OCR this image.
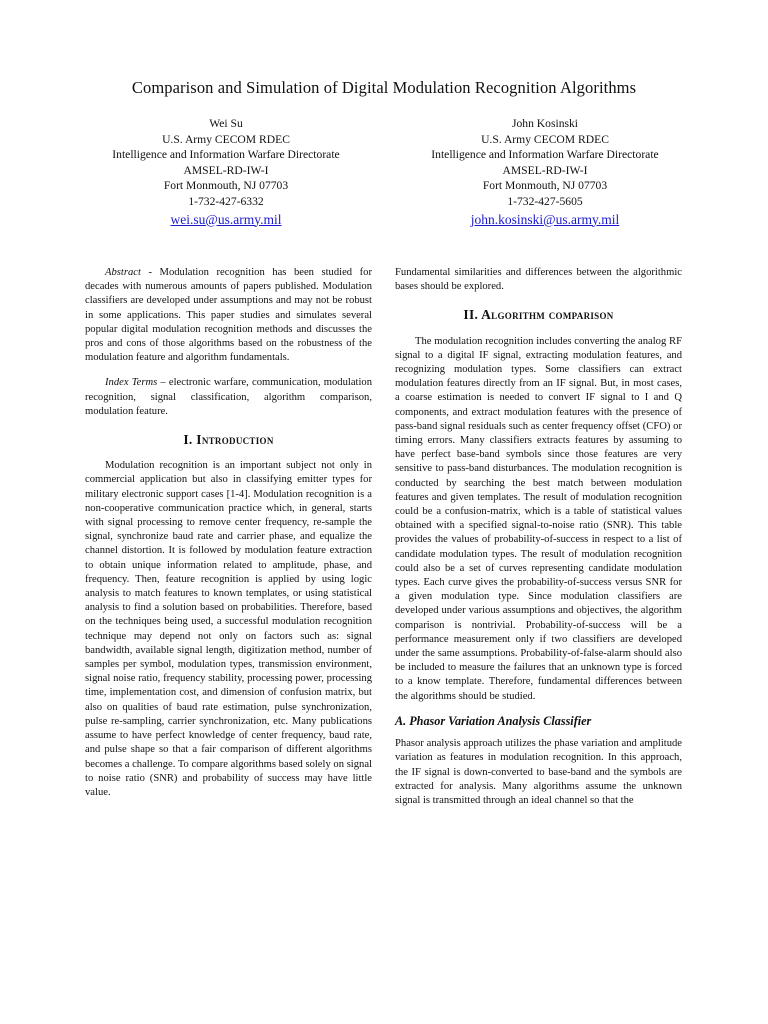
Comparison and Simulation of Digital Modulation Recognition Algorithms
Wei Su
U.S. Army CECOM RDEC
Intelligence and Information Warfare Directorate
AMSEL-RD-IW-I
Fort Monmouth, NJ 07703
1-732-427-6332
wei.su@us.army.mil
John Kosinski
U.S. Army CECOM RDEC
Intelligence and Information Warfare Directorate
AMSEL-RD-IW-I
Fort Monmouth, NJ 07703
1-732-427-5605
john.kosinski@us.army.mil

Abstract - Modulation recognition has been studied for decades with numerous amounts of papers published. Modulation classifiers are developed under assumptions and may not be robust in some applications. This paper studies and simulates several popular digital modulation recognition methods and discusses the pros and cons of those algorithms based on the robustness of the modulation feature and algorithm fundamentals.

Index Terms – electronic warfare, communication, modulation recognition, signal classification, algorithm comparison, modulation feature.

I. Introduction

Modulation recognition is an important subject not only in commercial application but also in classifying emitter types for military electronic support cases [1-4]. Modulation recognition is a non-cooperative communication practice which, in general, starts with signal processing to remove center frequency, re-sample the signal, synchronize baud rate and carrier phase, and equalize the channel distortion. It is followed by modulation feature extraction to obtain unique information related to amplitude, phase, and frequency. Then, feature recognition is applied by using logic analysis to match features to known templates, or using statistical analysis to find a solution based on probabilities. Therefore, based on the techniques being used, a successful modulation recognition technique may depend not only on factors such as: signal bandwidth, available signal length, digitization method, number of samples per symbol, modulation types, transmission environment, signal noise ratio, frequency stability, processing power, processing time, implementation cost, and dimension of confusion matrix, but also on qualities of baud rate estimation, pulse synchronization, pulse re-sampling, carrier synchronization, etc. Many publications assume to have perfect knowledge of center frequency, baud rate, and pulse shape so that a fair comparison of different algorithms becomes a challenge. To compare algorithms based solely on signal to noise ratio (SNR) and probability of success may have little value.

Fundamental similarities and differences between the algorithmic bases should be explored.

II. Algorithm comparison

The modulation recognition includes converting the analog RF signal to a digital IF signal, extracting modulation features, and recognizing modulation types. Some classifiers can extract modulation features directly from an IF signal. But, in most cases, a coarse estimation is needed to convert IF signal to I and Q components, and extract modulation features with the presence of pass-band signal residuals such as center frequency offset (CFO) or timing errors. Many classifiers extracts features by assuming to have perfect base-band symbols since those features are very sensitive to pass-band disturbances. The modulation recognition is conducted by searching the best match between modulation features and given templates. The result of modulation recognition could be a confusion-matrix, which is a table of statistical values obtained with a specified signal-to-noise ratio (SNR). This table provides the values of probability-of-success in respect to a list of candidate modulation types. The result of modulation recognition could also be a set of curves representing candidate modulation types. Each curve gives the probability-of-success versus SNR for a given modulation type. Since modulation classifiers are developed under various assumptions and objectives, the algorithm comparison is nontrivial. Probability-of-success will be a performance measurement only if two classifiers are developed under the same assumptions. Probability-of-false-alarm should also be included to measure the failures that an unknown type is forced to a know template. Therefore, fundamental differences between the algorithms should be studied.

A. Phasor Variation Analysis Classifier

Phasor analysis approach utilizes the phase variation and amplitude variation as features in modulation recognition. In this approach, the IF signal is down-converted to base-band and the symbols are extracted for analysis. Many algorithms assume the unknown signal is transmitted through an ideal channel so that the
